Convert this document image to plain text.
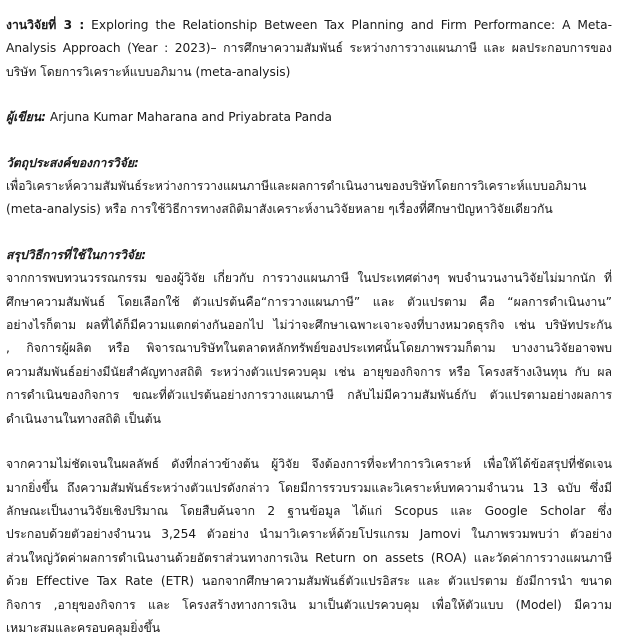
งานวิจัยที่ 3 : Exploring the Relationship Between Tax Planning and Firm Performance: A Meta-
Analysis Approach (Year : 2023)– การศึกษาความสัมพันธ์ ระหว่างการวางแผนภาษี และ ผลประกอบการของ
บริษัท โดยการวิเคราะห์แบบอภิมาน (meta-analysis)
ผู้เขียน: Arjuna Kumar Maharana and Priyabrata Panda
วัตถุประสงค์ของการวิจัย:
เพื่อวิเคราะห์ความสัมพันธ์ระหว่างการวางแผนภาษีและผลการดำเนินงานของบริษัทโดยการวิเคราะห์แบบอภิมาน
(meta-analysis) หรือ การใช้วิธีการทางสถิติมาสังเคราะห์งานวิจัยหลาย ๆเรื่องที่ศึกษาปัญหาวิจัยเดียวกัน
สรุปวิธีการที่ใช้ในการวิจัย:
จากการพบทวนวรรณกรรม ของผู้วิจัย เกี่ยวกับ การวางแผนภาษี ในประเทศต่างๆ พบจำนวนงานวิจัยไม่มากนัก ที่
ศึกษาความสัมพันธ์ โดยเลือกใช้ ตัวแปรต้นคือ“การวางแผนภาษี” และ ตัวแปรตาม คือ “ผลการดำเนินงาน”
อย่างไรก็ตาม ผลที่ได้ก็มีความแตกต่างกันออกไป ไม่ว่าจะศึกษาเฉพาะเจาะจงที่บางหมวดธุรกิจ เช่น บริษัทประกัน
, กิจการผู้ผลิต หรือ พิจารณาบริษัทในตลาดหลักทรัพย์ของประเทศนั้นโดยภาพรวมก็ตาม บางงานวิจัยอาจพบ
ความสัมพันธ์อย่างมีนัยสำคัญทางสถิติ ระหว่างตัวแปรควบคุม เช่น อายุของกิจการ หรือ โครงสร้างเงินทุน กับ ผล
การดำเนินของกิจการ ขณะที่ตัวแปรต้นอย่างการวางแผนภาษี กลับไม่มีความสัมพันธ์กับ ตัวแปรตามอย่างผลการ
ดำเนินงานในทางสถิติ เป็นต้น
จากความไม่ชัดเจนในผลลัพธ์ ดังที่กล่าวข้างต้น ผู้วิจัย จึงต้องการที่จะทำการวิเคราะห์ เพื่อให้ได้ข้อสรุปที่ชัดเจน
มากยิ่งขึ้น ถึงความสัมพันธ์ระหว่างตัวแปรดังกล่าว โดยมีการรวบรวมและวิเคราะห์บทความจำนวน 13 ฉบับ ซึ่งมี
ลักษณะเป็นงานวิจัยเชิงปริมาณ โดยสืบค้นจาก 2 ฐานข้อมูล ได้แก่ Scopus และ Google Scholar ซึ่ง
ประกอบด้วยตัวอย่างจำนวน 3,254 ตัวอย่าง นำมาวิเคราะห์ด้วยโปรแกรม Jamovi ในภาพรวมพบว่า ตัวอย่าง
ส่วนใหญ่วัดค่าผลการดำเนินงานด้วยอัตราส่วนทางการเงิน Return on assets (ROA) และวัดค่าการวางแผนภาษี
ด้วย Effective Tax Rate (ETR) นอกจากศึกษาความสัมพันธ์ตัวแปรอิสระ และ ตัวแปรตาม ยังมีการนำ ขนาด
กิจการ ,อายุของกิจการ และ โครงสร้างทางการเงิน มาเป็นตัวแปรควบคุม เพื่อให้ตัวแบบ (Model) มีความ
เหมาะสมและครอบคลุมยิ่งขึ้น
